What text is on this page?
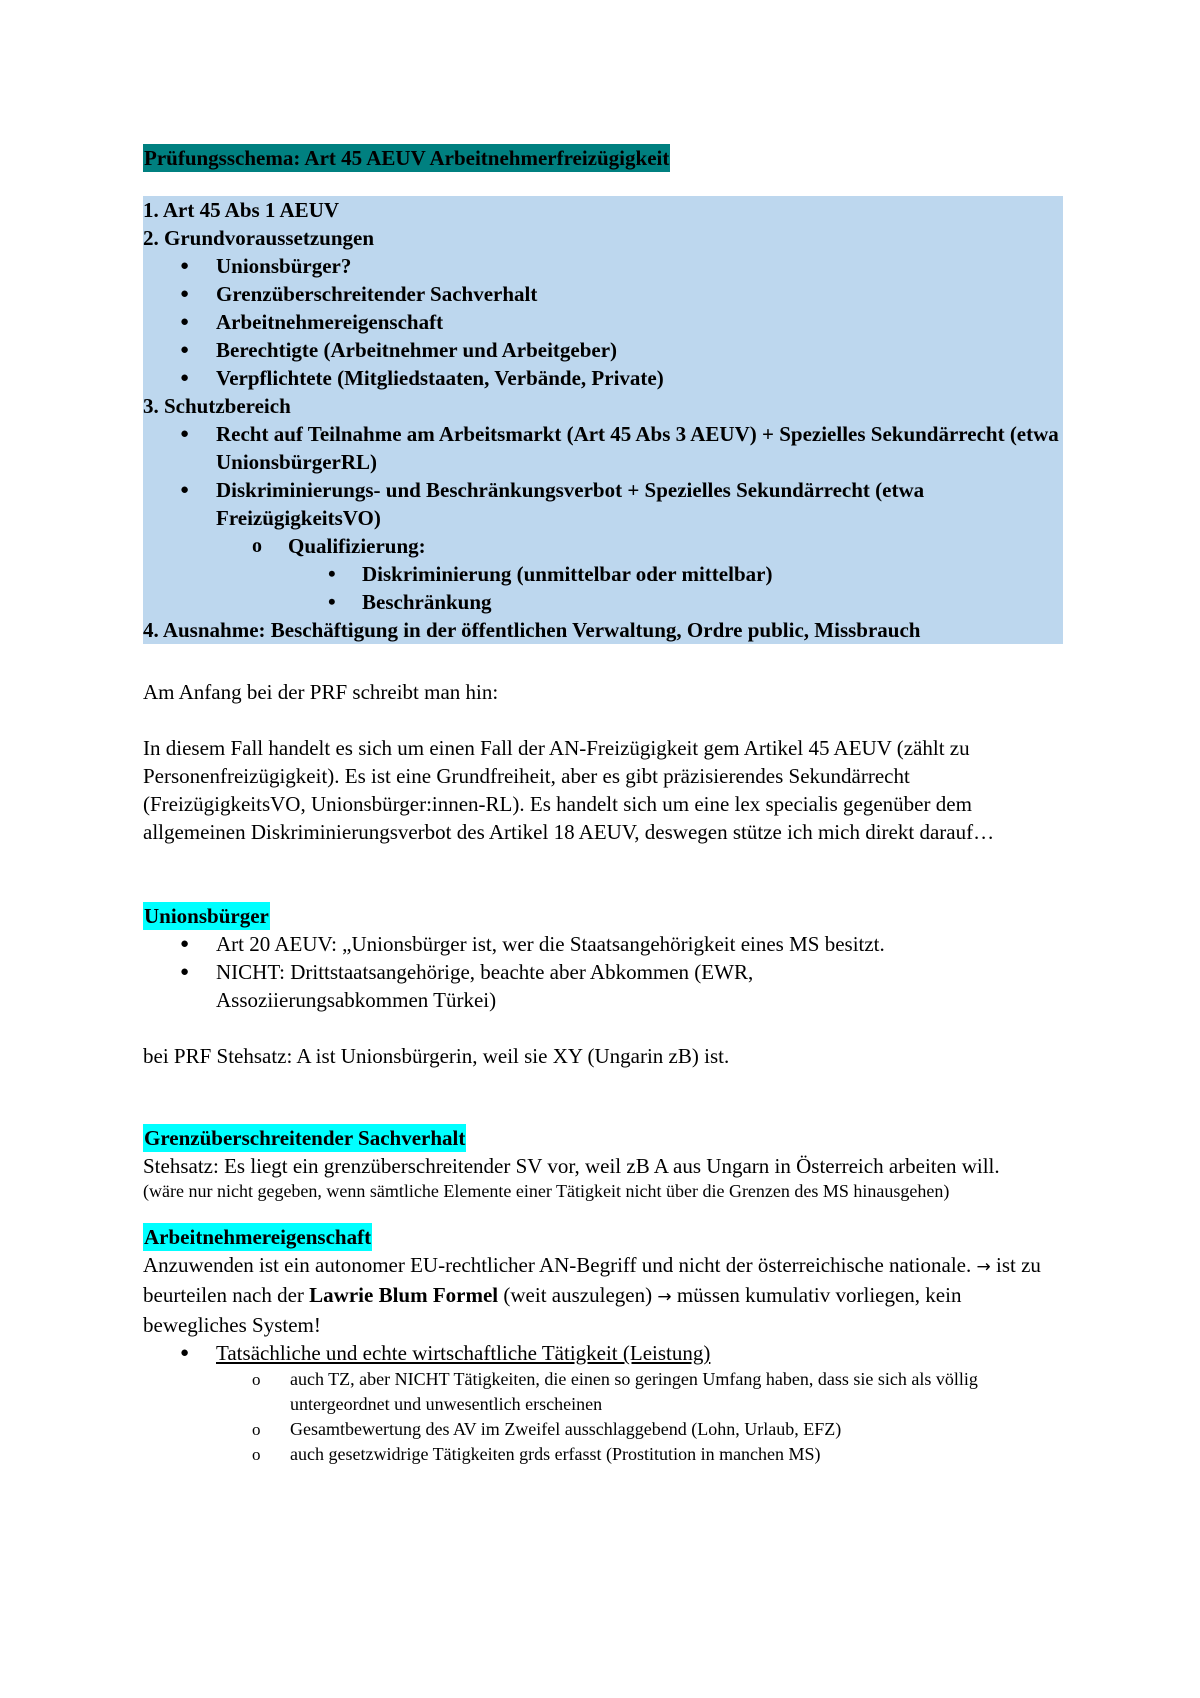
Prüfungsschema: Art 45 AEUV Arbeitnehmerfreizügigkeit

1. Art 45 Abs 1 AEUV

2. Grundvoraussetzungen

● Unionsbürger?
● Grenzüberschreitender Sachverhalt
● Arbeitnehmereigenschaft
● Berechtigte (Arbeitnehmer und Arbeitgeber)
● Verpflichtete (Mitgliedstaaten, Verbände, Private)

3. Schutzbereich

● Recht auf Teilnahme am Arbeitsmarkt (Art 45 Abs 3 AEUV) + Spezielles Sekundärrecht (etwa UnionsbürgerRL)
● Diskriminierungs- und Beschränkungsverbot + Spezielles Sekundärrecht (etwa FreizügigkeitsVO)
o Qualifizierung:
• Diskriminierung (unmittelbar oder mittelbar)
• Beschränkung

4. Ausnahme: Beschäftigung in der öffentlichen Verwaltung, Ordre public, Missbrauch

Am Anfang bei der PRF schreibt man hin:

In diesem Fall handelt es sich um einen Fall der AN-Freizügigkeit gem Artikel 45 AEUV (zählt zu Personenfreizügigkeit). Es ist eine Grundfreiheit, aber es gibt präzisierendes Sekundärrecht (FreizügigkeitsVO, Unionsbürger:innen-RL). Es handelt sich um eine lex specialis gegenüber dem allgemeinen Diskriminierungsverbot des Artikel 18 AEUV, deswegen stütze ich mich direkt darauf…

Unionsbürger
● Art 20 AEUV: „Unionsbürger ist, wer die Staatsangehörigkeit eines MS besitzt.
● NICHT: Drittstaatsangehörige, beachte aber Abkommen (EWR, Assoziierungsabkommen Türkei)

bei PRF Stehsatz: A ist Unionsbürgerin, weil sie XY (Ungarin zB) ist.

Grenzüberschreitender Sachverhalt

Stehsatz: Es liegt ein grenzüberschreitender SV vor, weil zB A aus Ungarn in Österreich arbeiten will.

(wäre nur nicht gegeben, wenn sämtliche Elemente einer Tätigkeit nicht über die Grenzen des MS hinausgehen)

Arbeitnehmereigenschaft

Anzuwenden ist ein autonomer EU-rechtlicher AN-Begriff und nicht der österreichische nationale. → ist zu beurteilen nach der Lawrie Blum Formel (weit auszulegen) → müssen kumulativ vorliegen, kein bewegliches System!

● Tatsächliche und echte wirtschaftliche Tätigkeit (Leistung)
o auch TZ, aber NICHT Tätigkeiten, die einen so geringen Umfang haben, dass sie sich als völlig untergeordnet und unwesentlich erscheinen
o Gesamtbewertung des AV im Zweifel ausschlaggebend (Lohn, Urlaub, EFZ)
o auch gesetzwidrige Tätigkeiten grds erfasst (Prostitution in manchen MS)
